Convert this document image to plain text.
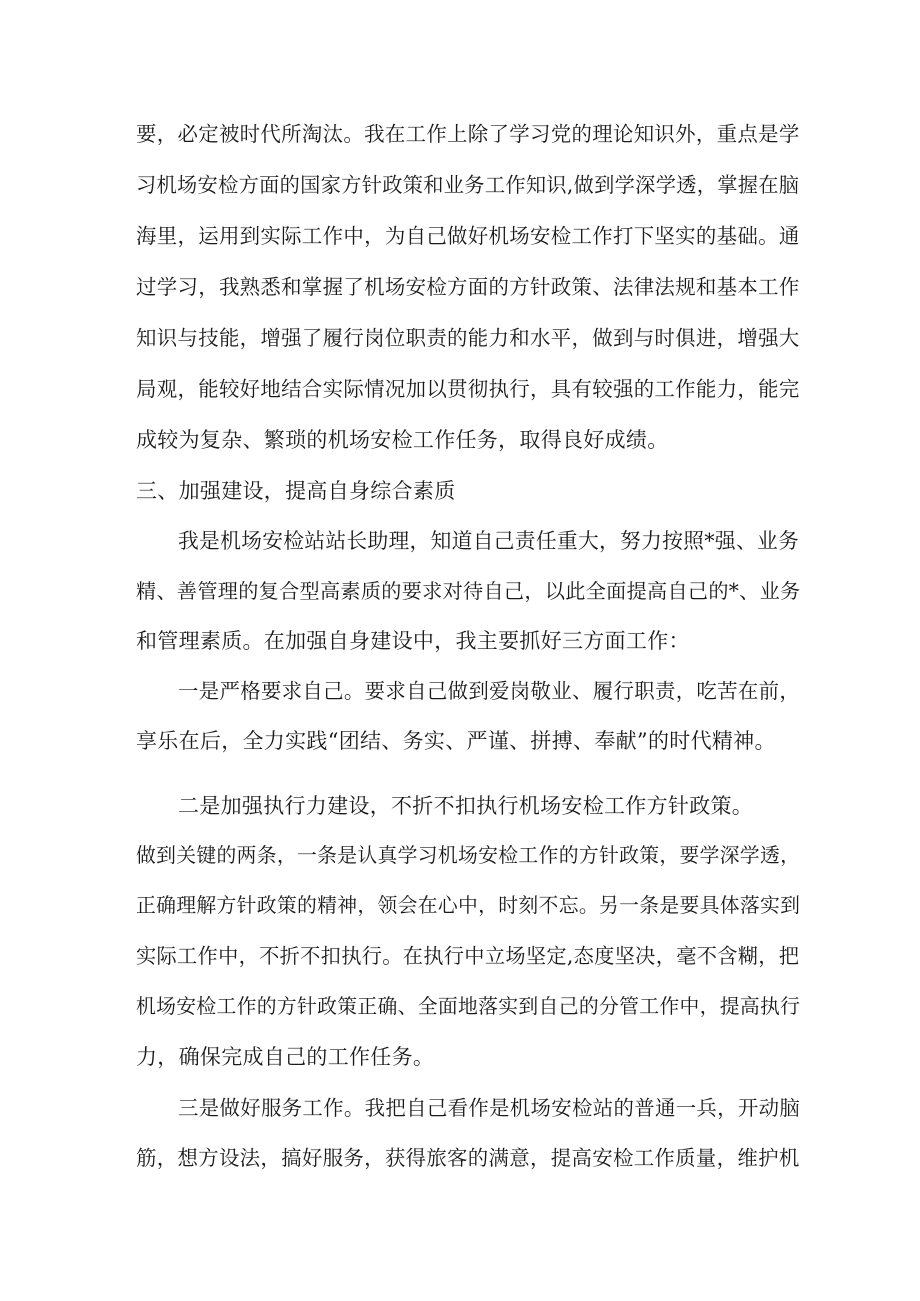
要，必定被时代所淘汰。我在工作上除了学习党的理论知识外，重点是学
习机场安检方面的国家方针政策和业务工作知识,做到学深学透，掌握在脑
海里，运用到实际工作中，为自己做好机场安检工作打下坚实的基础。通
过学习，我熟悉和掌握了机场安检方面的方针政策、法律法规和基本工作
知识与技能，增强了履行岗位职责的能力和水平，做到与时俱进，增强大
局观，能较好地结合实际情况加以贯彻执行，具有较强的工作能力，能完
成较为复杂、繁琐的机场安检工作任务，取得良好成绩。
三、加强建设，提高自身综合素质
我是机场安检站站长助理，知道自己责任重大，努力按照*强、业务
精、善管理的复合型高素质的要求对待自己，以此全面提高自己的*、业务
和管理素质。在加强自身建设中，我主要抓好三方面工作：
一是严格要求自己。要求自己做到爱岗敬业、履行职责，吃苦在前，
享乐在后，全力实践“团结、务实、严谨、拼搏、奉献”的时代精神。
二是加强执行力建设，不折不扣执行机场安检工作方针政策。
做到关键的两条，一条是认真学习机场安检工作的方针政策，要学深学透，
正确理解方针政策的精神，领会在心中，时刻不忘。另一条是要具体落实到
实际工作中，不折不扣执行。在执行中立场坚定,态度坚决，毫不含糊，把
机场安检工作的方针政策正确、全面地落实到自己的分管工作中，提高执行
力，确保完成自己的工作任务。
三是做好服务工作。我把自己看作是机场安检站的普通一兵，开动脑
筋，想方设法，搞好服务，获得旅客的满意，提高安检工作质量，维护机
